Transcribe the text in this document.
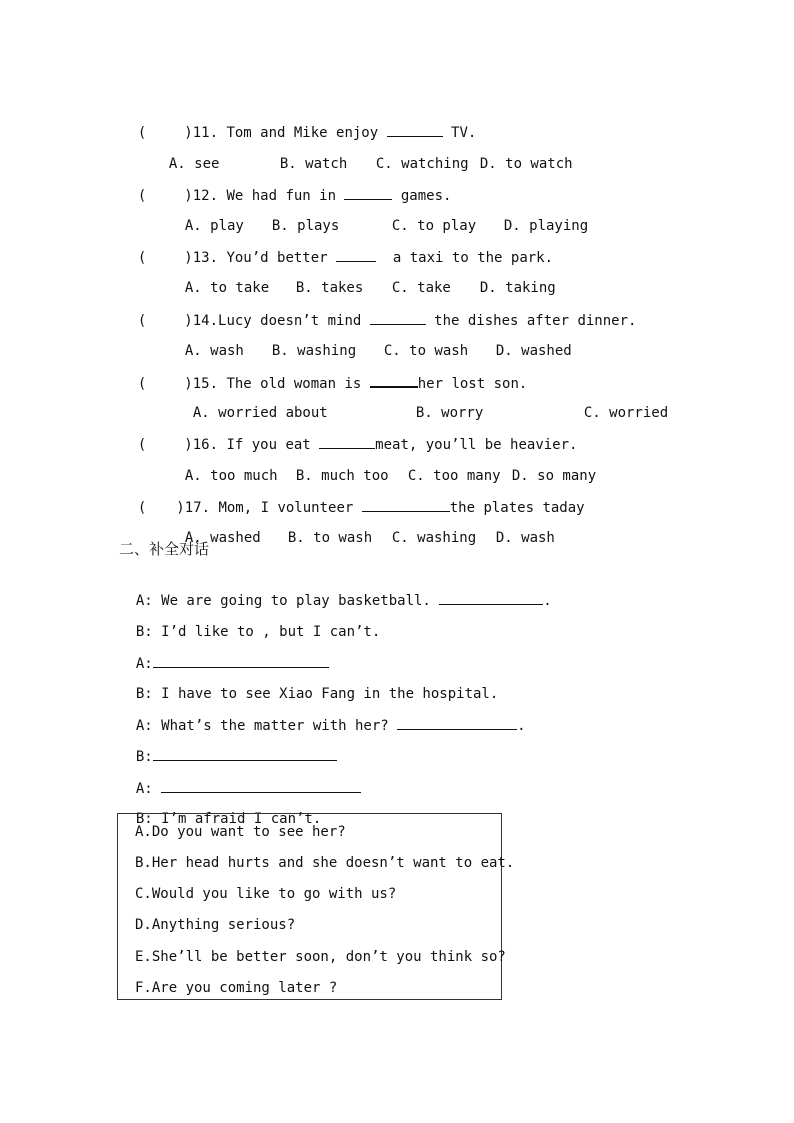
(	)11. Tom and Mike enjoy	TV.

A. see	B. watch C. watching D. to watch

(	)12. We had fun in	games.

A. play B. plays	C. to play D. playing

(	)13. You’d better	a taxi to the park.

A. to take B. takes C. take D. taking

(	)14.Lucy doesn’t mind	the dishes after dinner.

A. wash B. washing C. to wash D. washed

(	)15. The old woman is	her lost son.

A. worried about	B. worry	C. worried

(	)16. If you eat	meat, you’ll be heavier.

A. too much B. much too C. too many D. so many

( )17. Mom, I volunteer	the plates taday

A. washed B. to wash C. washing D. wash

二、补全对话

A: We are going to play basketball.	.

B: I’d like to , but I can’t.

A:

B: I have to see Xiao Fang in the hospital.

A: What’s the matter with her?	.

B:

A:

B: I’m afraid I can’t.

A.Do you want to see her?
B.Her head hurts and she doesn’t want to eat.
C.Would you like to go with us?
D.Anything serious?
E.She’ll be better soon, don’t you think so?
F.Are you coming later ?
